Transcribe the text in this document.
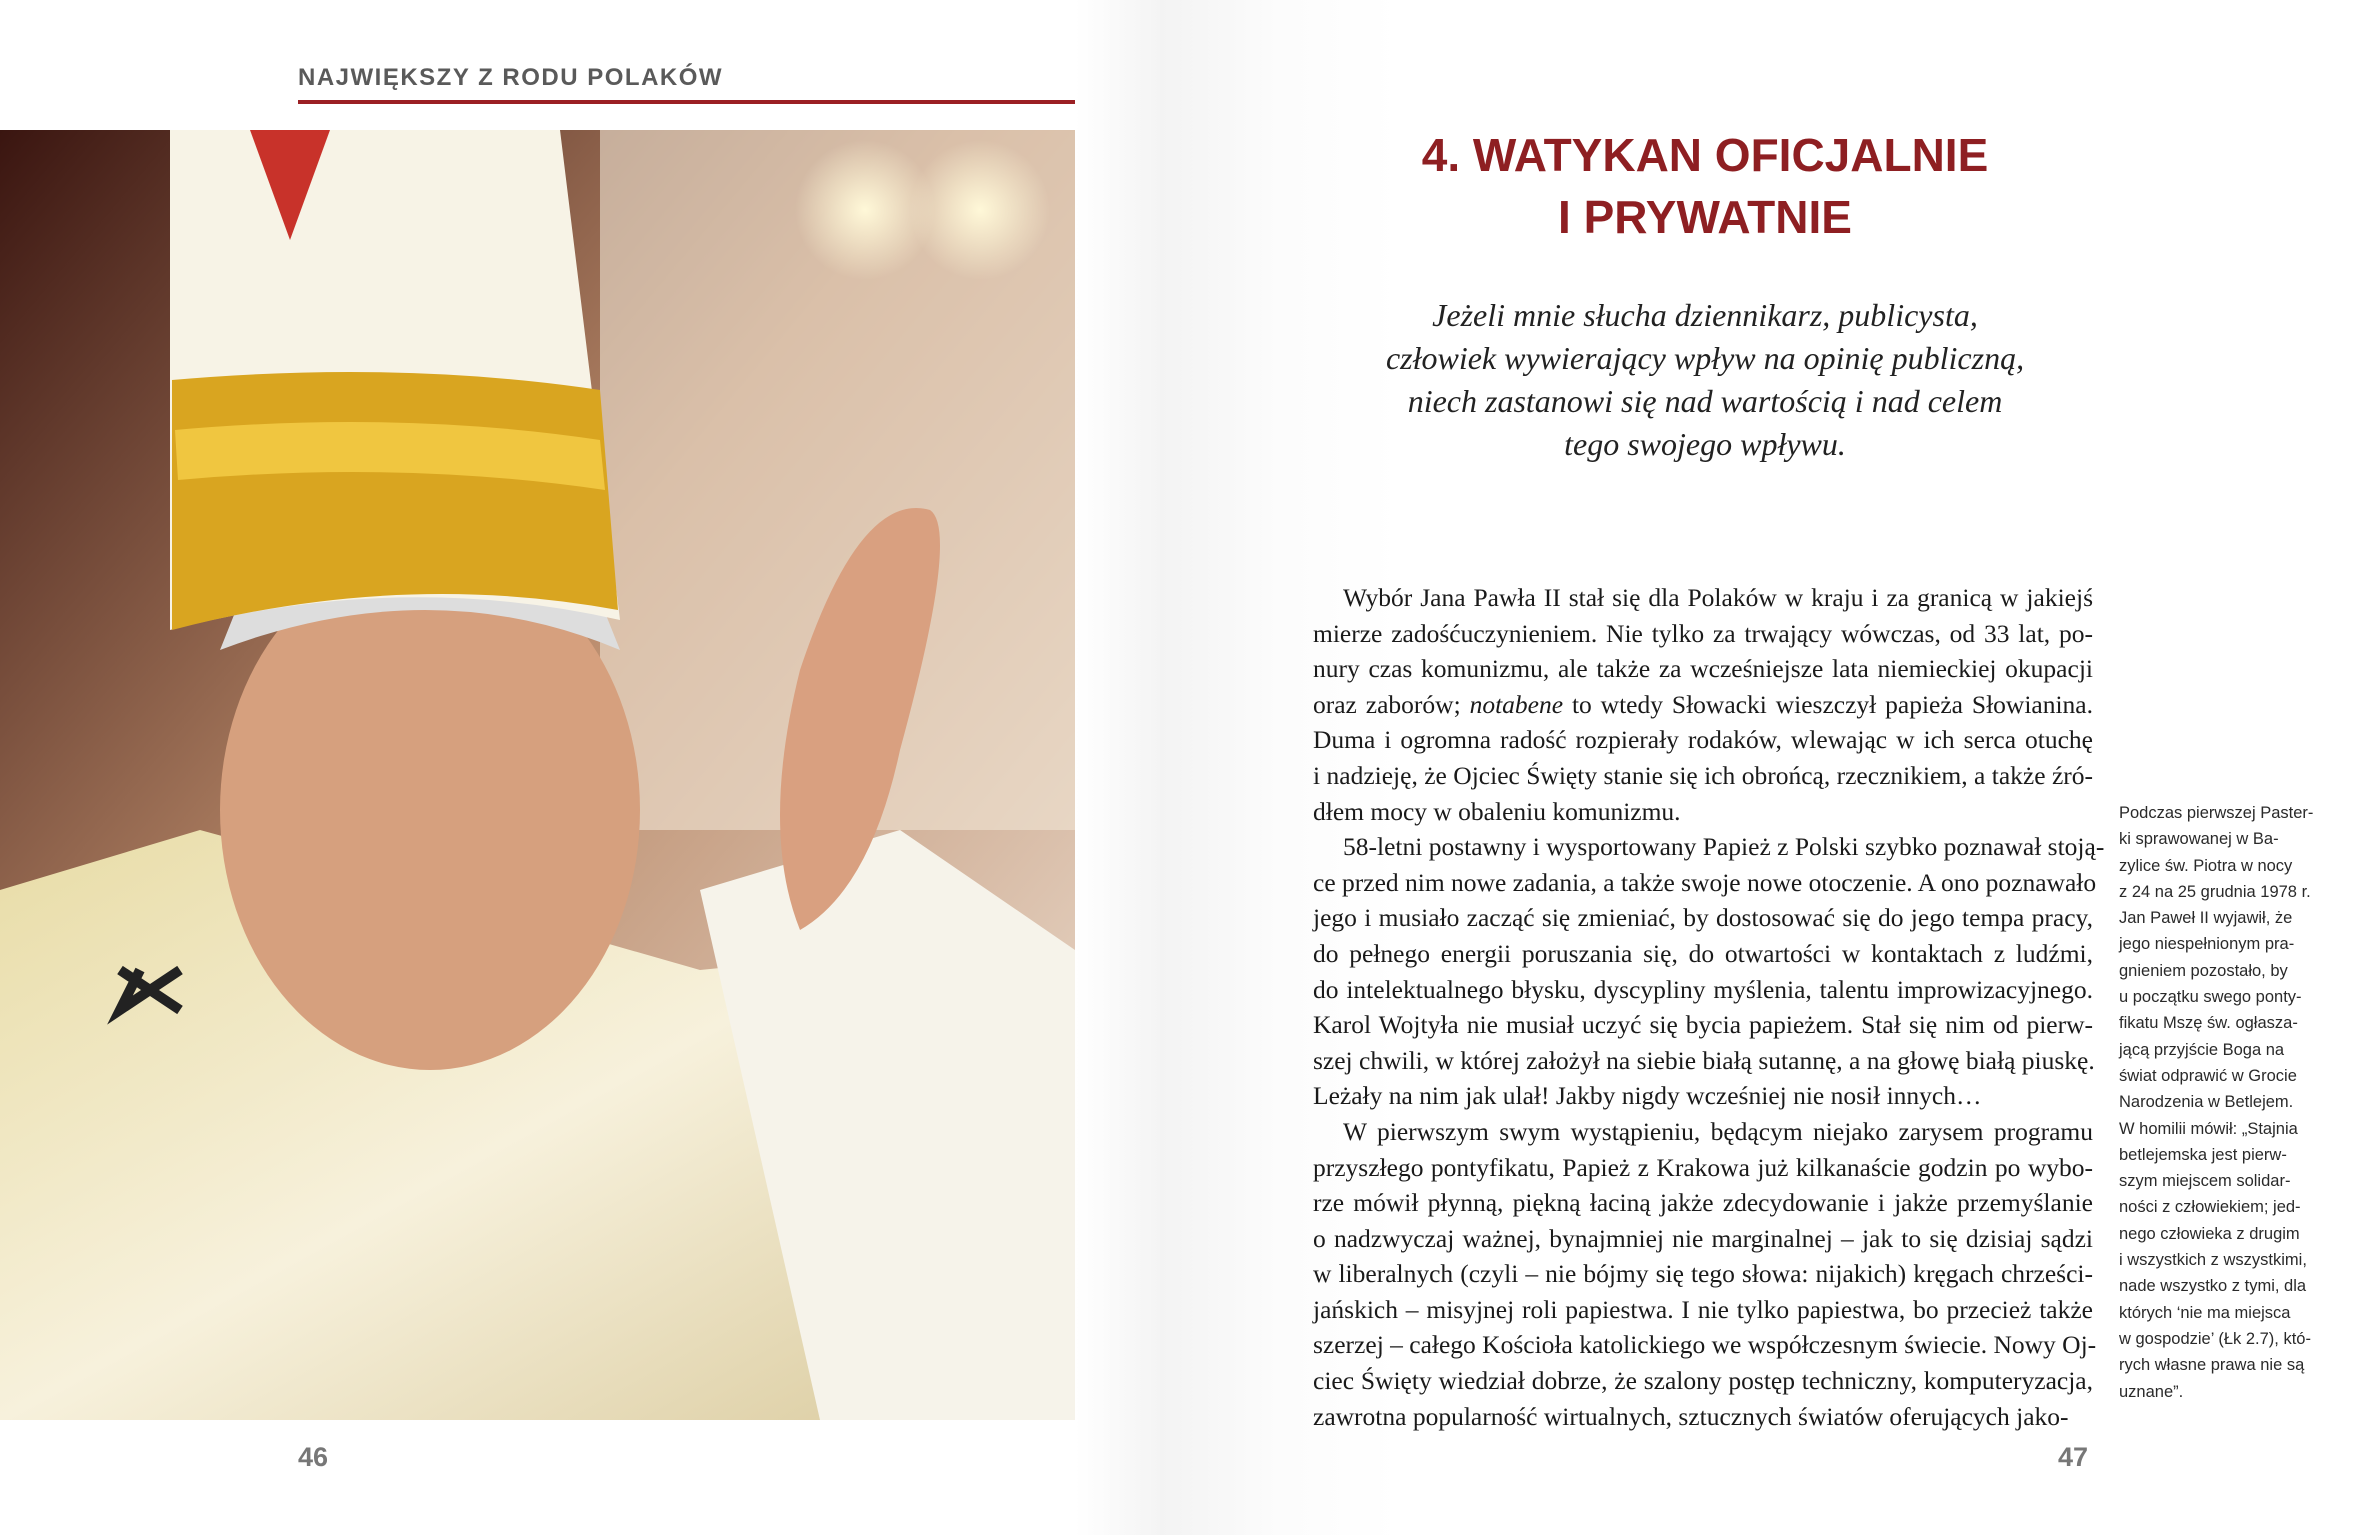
NAJWIĘKSZY Z RODU POLAKÓW
46
4. WATYKAN OFICJALNIE
I PRYWATNIE
Jeżeli mnie słucha dziennikarz, publicysta,
człowiek wywierający wpływ na opinię publiczną,
niech zastanowi się nad wartością i nad celem
tego swojego wpływu.
Wybór Jana Pawła II stał się dla Polaków w kraju i za granicą w jakiejś
mierze zadośćuczynieniem. Nie tylko za trwający wówczas, od 33 lat, po-
nury czas komunizmu, ale także za wcześniejsze lata niemieckiej okupacji
oraz zaborów; notabene to wtedy Słowacki wieszczył papieża Słowianina.
Duma i ogromna radość rozpierały rodaków, wlewając w ich serca otuchę
i nadzieję, że Ojciec Święty stanie się ich obrońcą, rzecznikiem, a także źró-
dłem mocy w obaleniu komunizmu.
58-letni postawny i wysportowany Papież z Polski szybko poznawał stoją-
ce przed nim nowe zadania, a także swoje nowe otoczenie. A ono poznawało
jego i musiało zacząć się zmieniać, by dostosować się do jego tempa pracy,
do pełnego energii poruszania się, do otwartości w kontaktach z ludźmi,
do intelektualnego błysku, dyscypliny myślenia, talentu improwizacyjnego.
Karol Wojtyła nie musiał uczyć się bycia papieżem. Stał się nim od pierw-
szej chwili, w której założył na siebie białą sutannę, a na głowę białą piuskę.
Leżały na nim jak ulał! Jakby nigdy wcześniej nie nosił innych…
W pierwszym swym wystąpieniu, będącym niejako zarysem programu
przyszłego pontyfikatu, Papież z Krakowa już kilkanaście godzin po wybo-
rze mówił płynną, piękną łaciną jakże zdecydowanie i jakże przemyślanie
o nadzwyczaj ważnej, bynajmniej nie marginalnej – jak to się dzisiaj sądzi
w liberalnych (czyli – nie bójmy się tego słowa: nijakich) kręgach chrześci-
jańskich – misyjnej roli papiestwa. I nie tylko papiestwa, bo przecież także
szerzej – całego Kościoła katolickiego we współczesnym świecie. Nowy Oj-
ciec Święty wiedział dobrze, że szalony postęp techniczny, komputeryzacja,
zawrotna popularność wirtualnych, sztucznych światów oferujących jako-
Podczas pierwszej Paster-
ki sprawowanej w Ba-
zylice św. Piotra w nocy
z 24 na 25 grudnia 1978 r.
Jan Paweł II wyjawił, że
jego niespełnionym pra-
gnieniem pozostało, by
u początku swego ponty-
fikatu Mszę św. ogłasza-
jącą przyjście Boga na
świat odprawić w Grocie
Narodzenia w Betlejem.
W homilii mówił: „Stajnia
betlejemska jest pierw-
szym miejscem solidar-
ności z człowiekiem; jed-
nego człowieka z drugim
i wszystkich z wszystkimi,
nade wszystko z tymi, dla
których ‘nie ma miejsca
w gospodzie’ (Łk 2.7), któ-
rych własne prawa nie są
uznane”.
47
